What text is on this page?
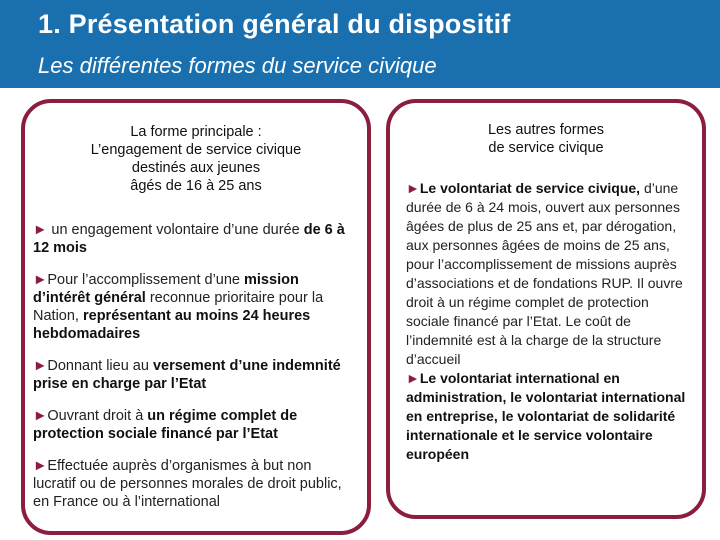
1. Présentation général du dispositif
Les différentes formes du service civique
La forme principale :
L’engagement de service civique
destinés aux jeunes
âgés de 16 à 25 ans
► un engagement volontaire d’une durée de 6 à 12 mois
►Pour l’accomplissement d’une mission d’intérêt général reconnue prioritaire pour la Nation, représentant au moins 24 heures hebdomadaires
►Donnant lieu au versement d’une indemnité prise en charge par l’Etat
►Ouvrant droit à un régime complet de protection sociale financé par l’Etat
►Effectuée auprès d’organismes à but non lucratif ou de personnes morales de droit public, en France ou à l’international
Les autres formes
de service civique
►Le volontariat de service civique, d’une durée de 6 à 24 mois, ouvert aux personnes âgées de plus de 25 ans et, par dérogation, aux personnes âgées de moins de 25 ans, pour l’accomplissement de missions auprès d’associations et de fondations RUP. Il ouvre droit à un régime complet de protection sociale financé par l’Etat. Le coût de l’indemnité est à la charge de la structure d’accueil
►Le volontariat international en administration, le volontariat international en entreprise, le volontariat de solidarité internationale et le service volontaire européen
